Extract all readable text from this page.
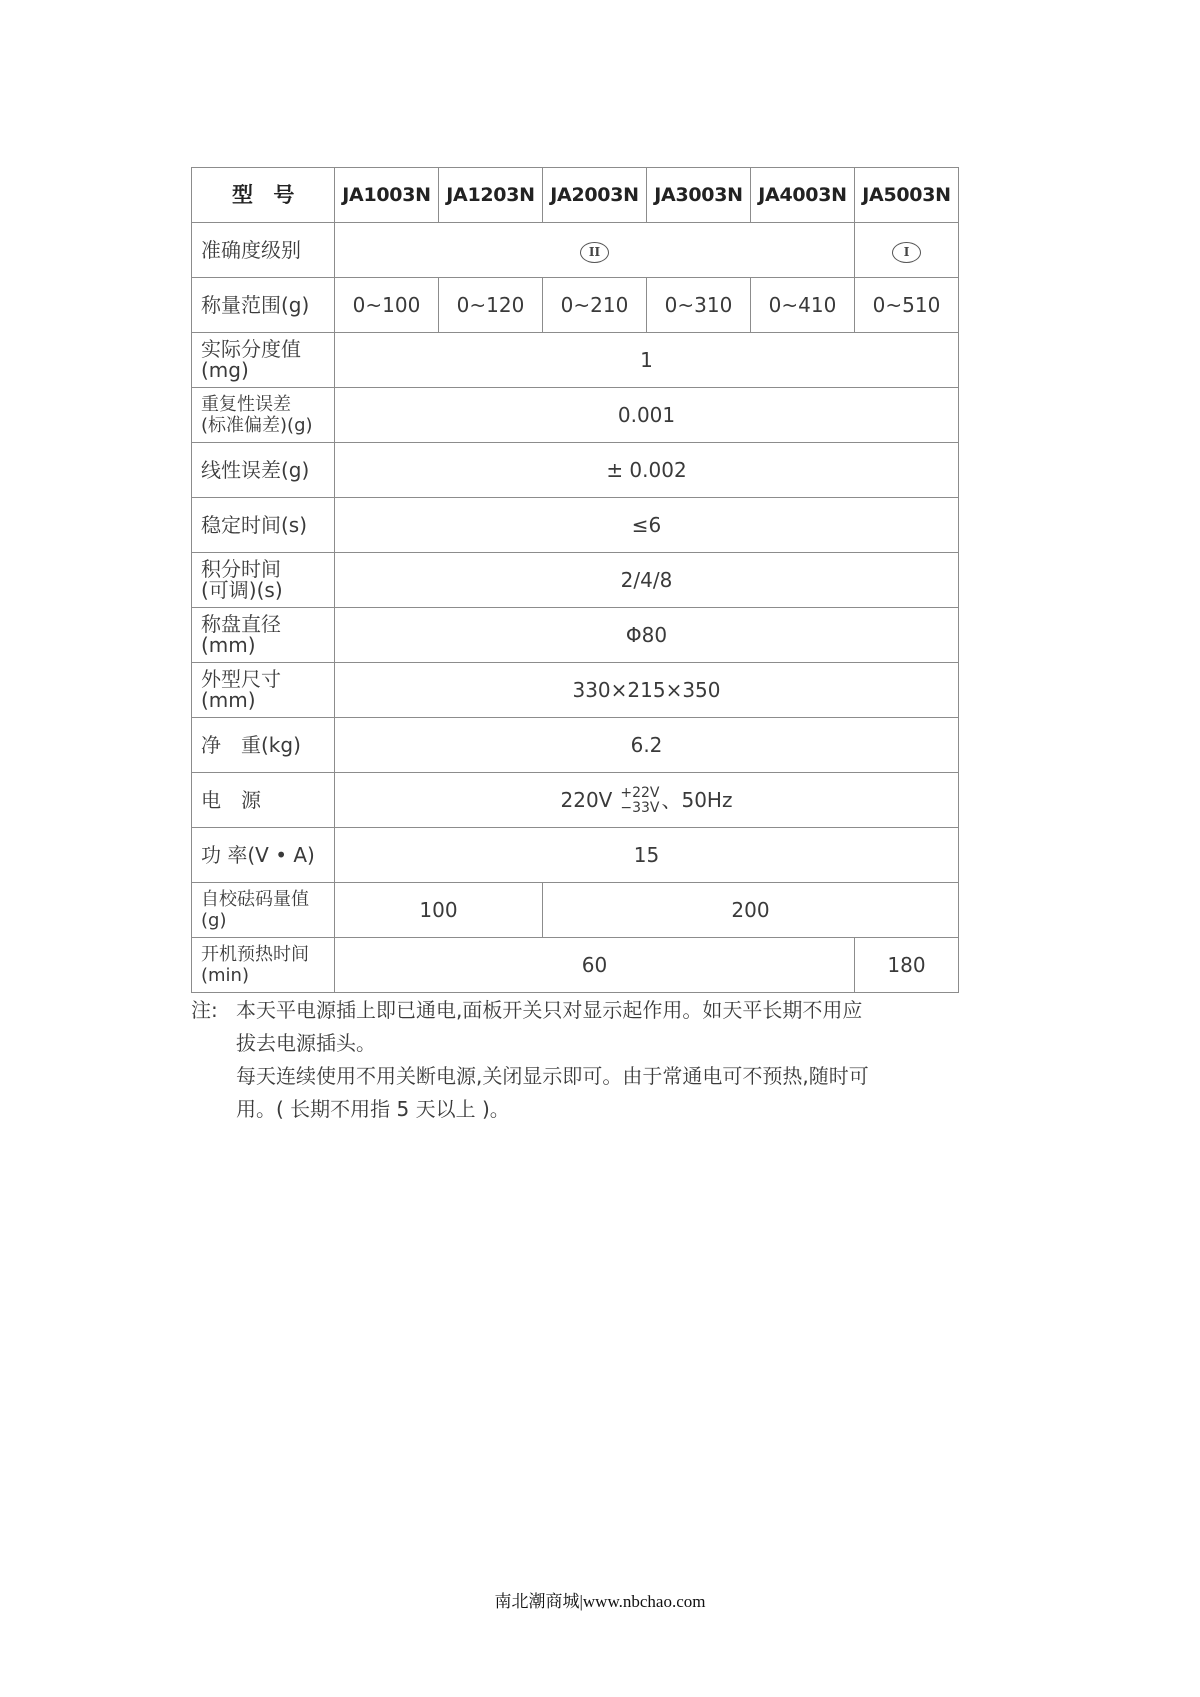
型　号	JA1003N	JA1203N	JA2003N	JA3003N	JA4003N	JA5003N
准确度级别	II					I
称量范围(g)	0~100	0~120	0~210	0~310	0~410	0~510
实际分度值
(mg)	1					
重复性误差
(标准偏差)(g)	0.001					
线性误差(g)	± 0.002					
稳定时间(s)	≤6					
积分时间
(可调)(s)	2/4/8					
称盘直径(mm)	Φ80					
外型尺寸(mm)	330×215×350					
净　重(kg)	6.2					
电　源	220V +22V
−33V 、50Hz					
功 率(V • A)	15					
自校砝码量值
(g)	100		200			
开机预热时间
(min)	60					180
注: 本天平电源插上即已通电,面板开关只对显示起作用。如天平长期不用应
拔去电源插头。
每天连续使用不用关断电源,关闭显示即可。由于常通电可不预热,随时可
用。( 长期不用指 5 天以上 )。
南北潮商城|www.nbchao.com
